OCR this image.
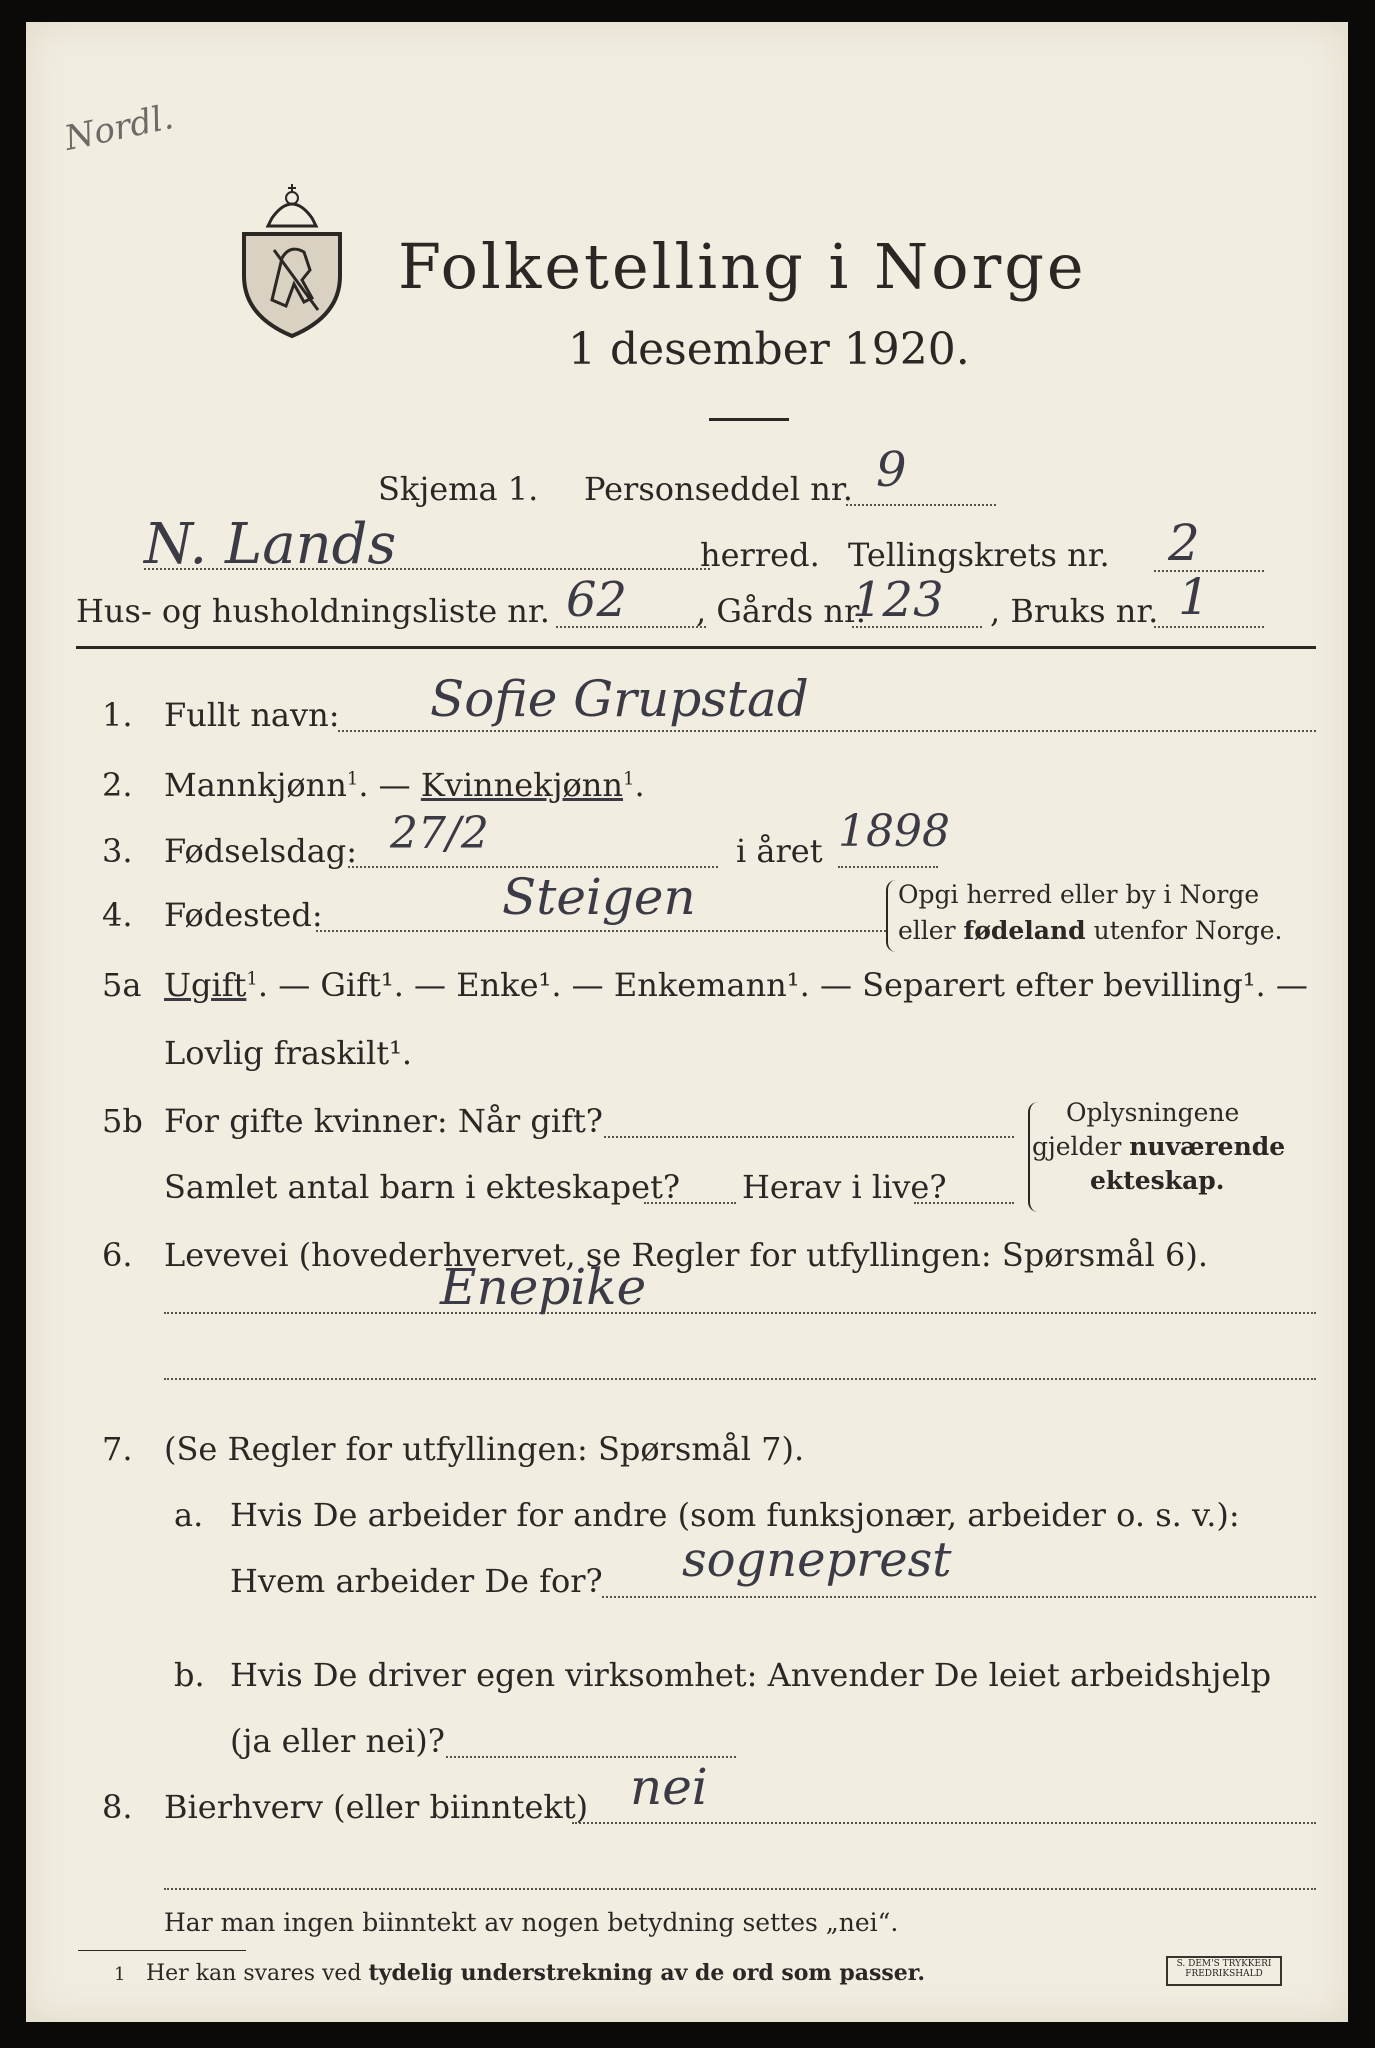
Nordl.
Folketelling i Norge
1 desember 1920.
Skjema 1. Personseddel nr. 9
N. Lands	herred. Tellingskrets nr. 2
Hus- og husholdningsliste nr. 62 , Gårds nr.
123 , Bruks nr. 1
1. Fullt navn: Sofie Grupstad
2. Mannkjønn$^1$. — Kvinnekjønn$^1$.
3. Fødselsdag: 27/2	i året 1898
4. Fødested:	Steigen	Opgi herred eller by i Norge
eller fødeland utenfor Norge.
5a Ugift$^1$. — Gift¹. — Enke¹. — Enkemann¹. — Separert efter bevilling¹. —
Lovlig fraskilt¹.
5b For gifte kvinner: Når gift?
Samlet antal barn i ekteskapet? Herav i live?
Oplysningene
gjelder nuværende
ekteskap.
6. Levevei (hovederhvervet, se Regler for utfyllingen: Spørsmål 6).
Enepike
7. (Se Regler for utfyllingen: Spørsmål 7).
a. Hvis De arbeider for andre (som funksjonær, arbeider o. s. v.):
Hvem arbeider De for? sogneprest
b. Hvis De driver egen virksomhet: Anvender De leiet arbeidshjelp
(ja eller nei)?
8. Bierhverv (eller biinntekt) nei
Har man ingen biinntekt av nogen betydning settes „nei“.
1 Her kan svares ved tydelig understrekning av de ord som passer.	S. DEM'S TRYKKERI FREDRIKSHALD
